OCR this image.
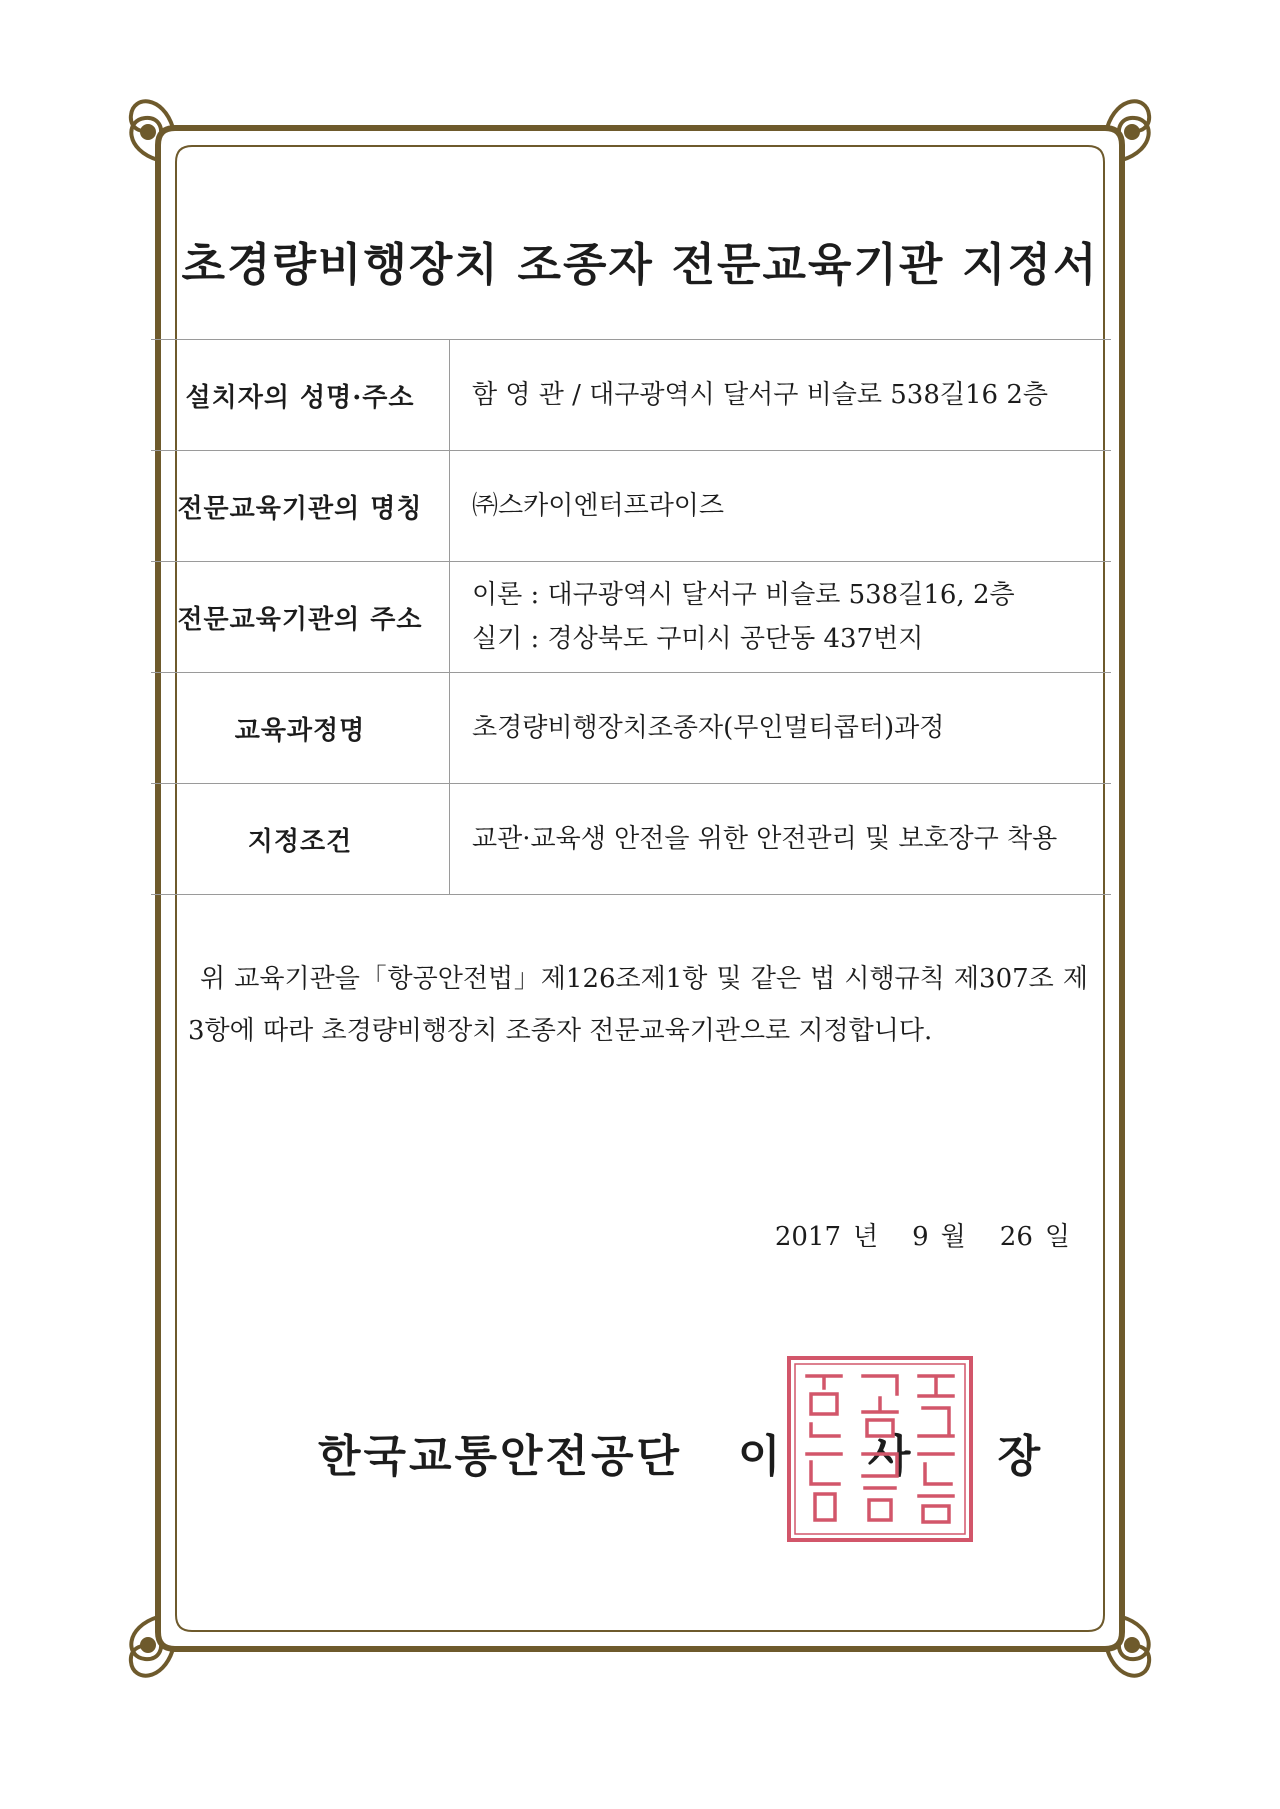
초경량비행장치 조종자 전문교육기관 지정서
설치자의 성명·주소	함 영 관 / 대구광역시 달서구 비슬로 538길16 2층

전문교육기관의 명칭	㈜스카이엔터프라이즈

전문교육기관의 주소	이론 : 대구광역시 달서구 비슬로 538길16, 2층
실기 : 경상북도 구미시 공단동 437번지

교육과정명	초경량비행장치조종자(무인멀티콥터)과정

지정조건	교관·교육생 안전을 위한 안전관리 및 보호장구 착용
위 교육기관을「항공안전법」제126조제1항 및 같은 법 시행규칙 제307조 제3항에 따라 초경량비행장치 조종자 전문교육기관으로 지정합니다.
2017 년 9 월 26 일
한국교통안전공단 이 사 장
